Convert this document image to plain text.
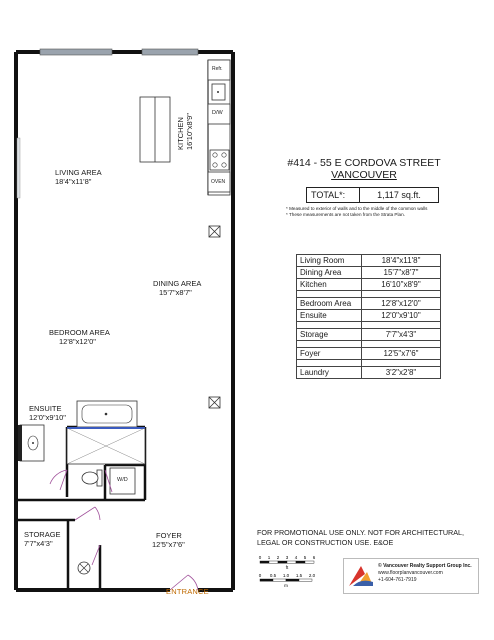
Refr.
D/W
OVEN
W/D
LIVING AREA
18'4"x11'8"
KITCHEN 16'10"x8'9"
DINING AREA
15'7"x8'7"
BEDROOM AREA
12'8"x12'0"
ENSUITE
12'0"x9'10"
STORAGE
7'7"x4'3"
FOYER
12'5"x7'6"
ENTRANCE
#414 - 55 E CORDOVA STREET
VANCOUVER
TOTAL*:	1,117 sq.ft.
* Measured to exterior of walls and to the middle of the common walls
* These measurements are not taken from the Strata Plan.
Living Room	18'4"x11'8"
Dining Area	15'7"x8'7"
Kitchen	16'10"x8'9"

Bedroom Area	12'8"x12'0"
Ensuite	12'0"x9'10"

Storage	7'7"x4'3"

Foyer	12'5"x7'6"

Laundry	3'2"x2'8"
FOR PROMOTIONAL USE ONLY. NOT FOR ARCHITECTURAL, LEGAL OR CONSTRUCTION USE. E&OE
0 1 2 3 4 5 6
ft
0 0.5 1.0 1.5 2.0
m
© Vancouver Realty Support Group Inc.
www.floorplanvancouver.com
+1-604-761-7919
